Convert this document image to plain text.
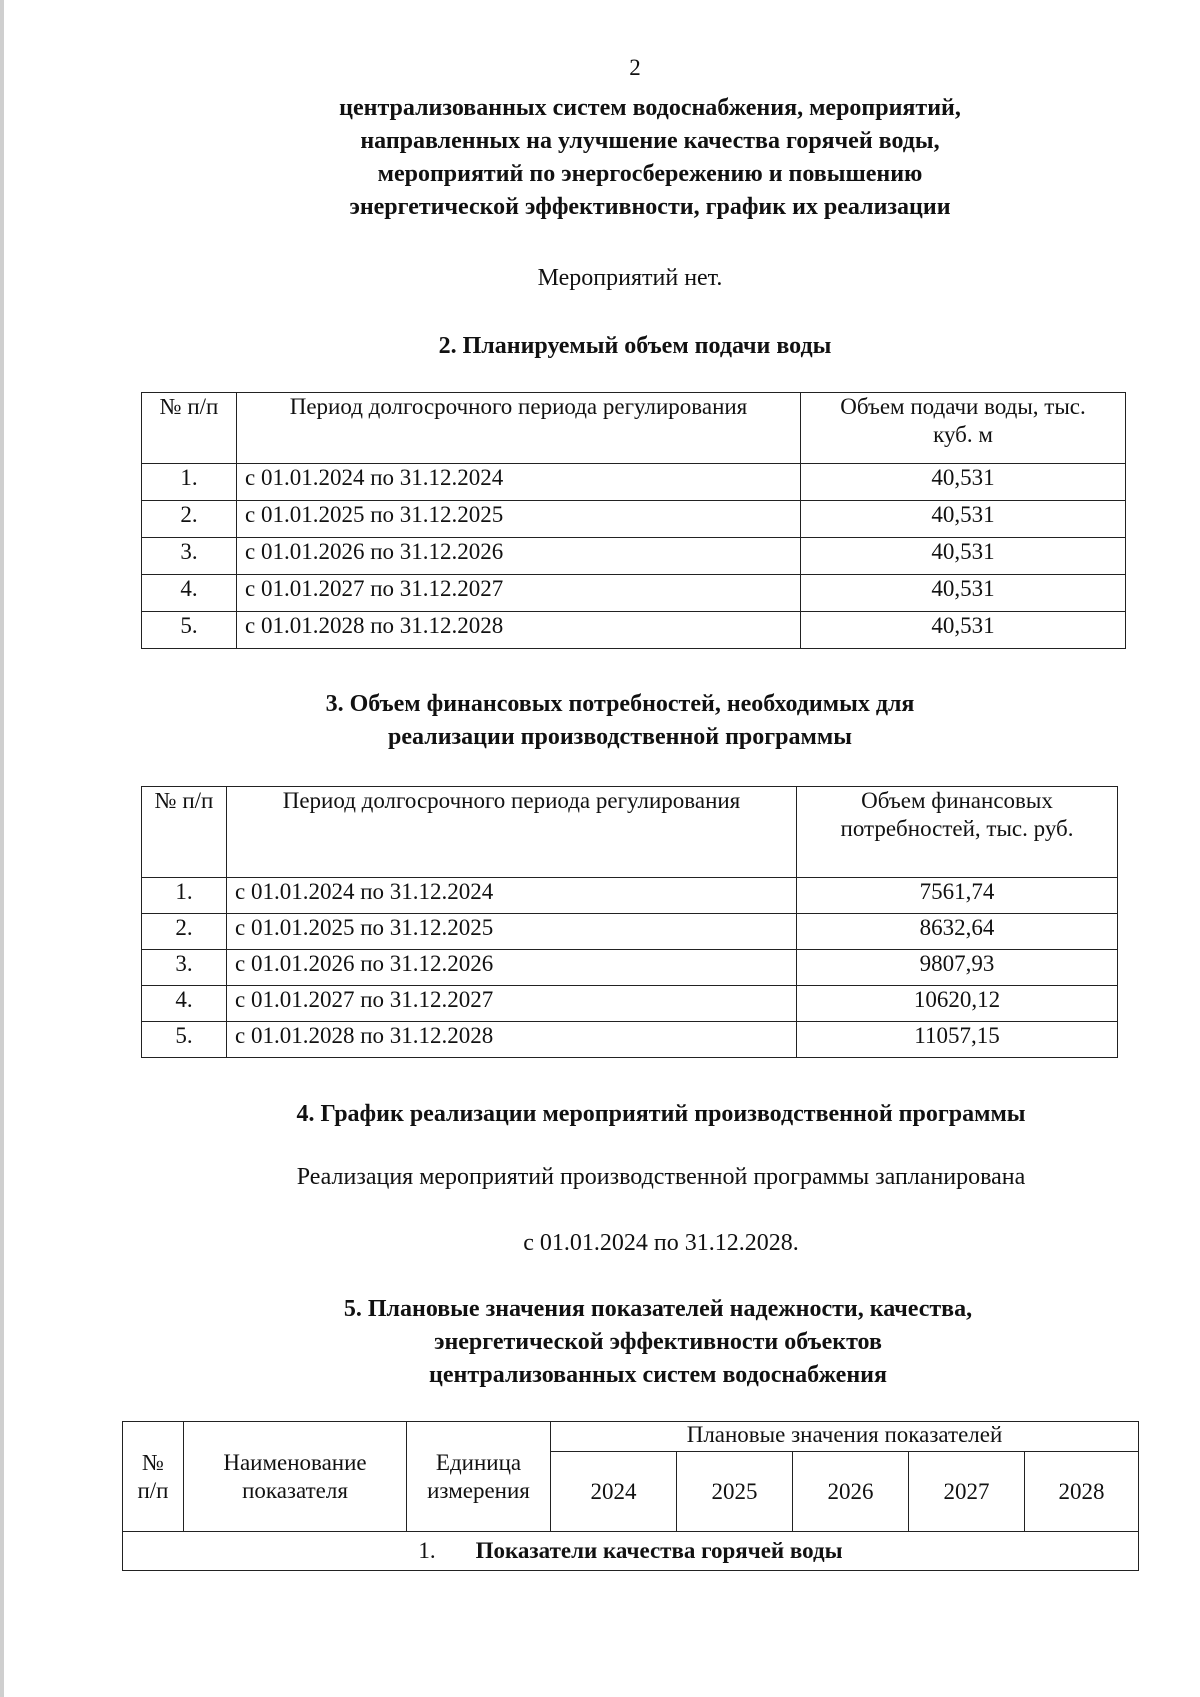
2
централизованных систем водоснабжения, мероприятий,
направленных на улучшение качества горячей воды,
мероприятий по энергосбережению и повышению
энергетической эффективности, график их реализации
Мероприятий нет.
2. Планируемый объем подачи воды
№ п/п	Период долгосрочного периода регулирования	Объем подачи воды, тыс. куб. м
1.	с 01.01.2024 по 31.12.2024	40,531
2.	с 01.01.2025 по 31.12.2025	40,531
3.	с 01.01.2026 по 31.12.2026	40,531
4.	с 01.01.2027 по 31.12.2027	40,531
5.	с 01.01.2028 по 31.12.2028	40,531
3. Объем финансовых потребностей, необходимых для
реализации производственной программы
№ п/п	Период долгосрочного периода регулирования	Объем финансовых потребностей, тыс. руб.
1.	с 01.01.2024 по 31.12.2024	7561,74
2.	с 01.01.2025 по 31.12.2025	8632,64
3.	с 01.01.2026 по 31.12.2026	9807,93
4.	с 01.01.2027 по 31.12.2027	10620,12
5.	с 01.01.2028 по 31.12.2028	11057,15
4. График реализации мероприятий производственной программы
Реализация мероприятий производственной программы запланирована
с 01.01.2024 по 31.12.2028.
5. Плановые значения показателей надежности, качества,
энергетической эффективности объектов
централизованных систем водоснабжения
№ п/п	Наименование показателя	Единица измерения	Плановые значения показателей				
			2024	2025	2026	2027	2028
1. Показатели качества горячей воды							
